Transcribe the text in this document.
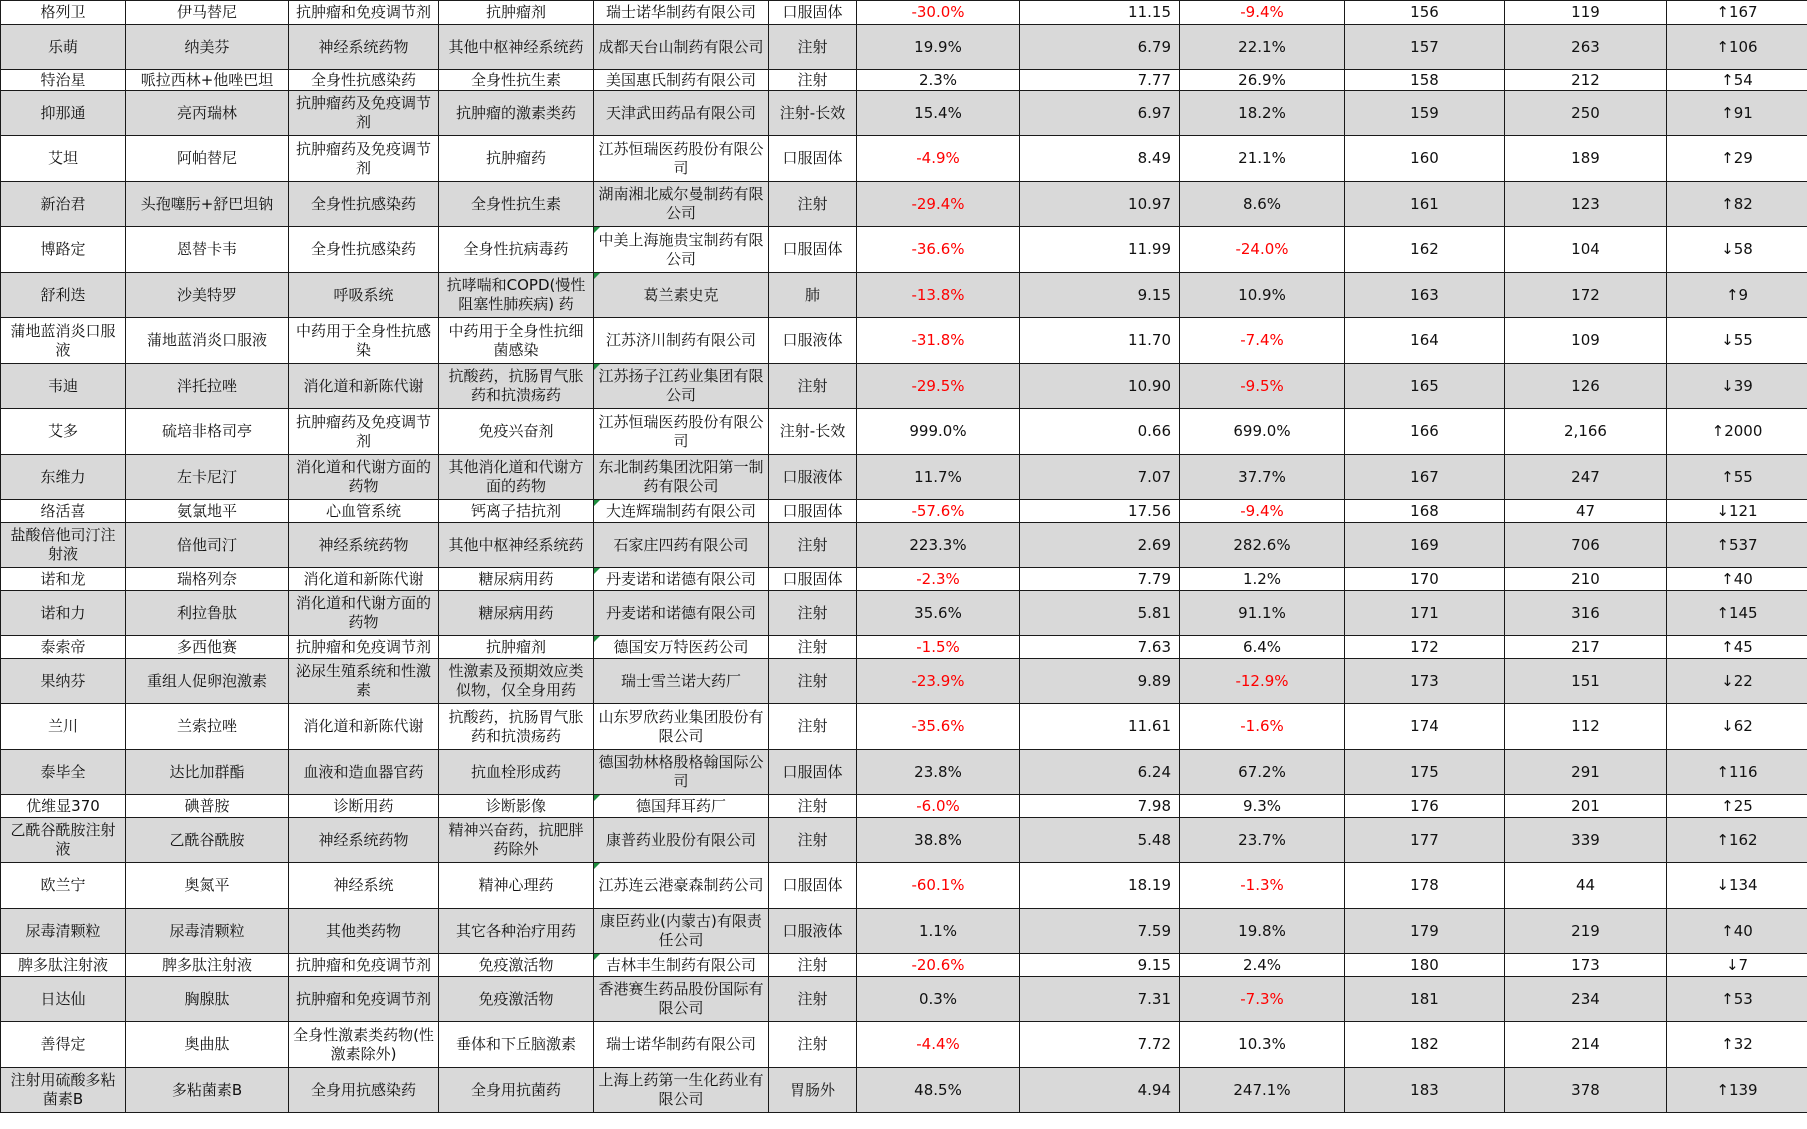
格列卫	伊马替尼	抗肿瘤和免疫调节剂	抗肿瘤剂	瑞士诺华制药有限公司	口服固体	-30.0%	11.15	-9.4%	156	119	↑167
乐萌	纳美芬	神经系统药物	其他中枢神经系统药	成都天台山制药有限公司	注射	19.9%	6.79	22.1%	157	263	↑106
特治星	哌拉西林+他唑巴坦	全身性抗感染药	全身性抗生素	美国惠氏制药有限公司	注射	2.3%	7.77	26.9%	158	212	↑54
抑那通	亮丙瑞林	抗肿瘤药及免疫调节剂	抗肿瘤的激素类药	天津武田药品有限公司	注射-长效	15.4%	6.97	18.2%	159	250	↑91
艾坦	阿帕替尼	抗肿瘤药及免疫调节剂	抗肿瘤药	江苏恒瑞医药股份有限公司	口服固体	-4.9%	8.49	21.1%	160	189	↑29
新治君	头孢噻肟+舒巴坦钠	全身性抗感染药	全身性抗生素	湖南湘北威尔曼制药有限公司	注射	-29.4%	10.97	8.6%	161	123	↑82
博路定	恩替卡韦	全身性抗感染药	全身性抗病毒药	中美上海施贵宝制药有限公司	口服固体	-36.6%	11.99	-24.0%	162	104	↓58
舒利迭	沙美特罗	呼吸系统	抗哮喘和COPD(慢性阻塞性肺疾病) 药	葛兰素史克	肺	-13.8%	9.15	10.9%	163	172	↑9
蒲地蓝消炎口服液	蒲地蓝消炎口服液	中药用于全身性抗感染	中药用于全身性抗细菌感染	江苏济川制药有限公司	口服液体	-31.8%	11.70	-7.4%	164	109	↓55
韦迪	泮托拉唑	消化道和新陈代谢	抗酸药，抗肠胃气胀药和抗溃疡药	江苏扬子江药业集团有限公司	注射	-29.5%	10.90	-9.5%	165	126	↓39
艾多	硫培非格司亭	抗肿瘤药及免疫调节剂	免疫兴奋剂	江苏恒瑞医药股份有限公司	注射-长效	999.0%	0.66	699.0%	166	2,166	↑2000
东维力	左卡尼汀	消化道和代谢方面的药物	其他消化道和代谢方面的药物	东北制药集团沈阳第一制药有限公司	口服液体	11.7%	7.07	37.7%	167	247	↑55
络活喜	氨氯地平	心血管系统	钙离子拮抗剂	大连辉瑞制药有限公司	口服固体	-57.6%	17.56	-9.4%	168	47	↓121
盐酸倍他司汀注射液	倍他司汀	神经系统药物	其他中枢神经系统药	石家庄四药有限公司	注射	223.3%	2.69	282.6%	169	706	↑537
诺和龙	瑞格列奈	消化道和新陈代谢	糖尿病用药	丹麦诺和诺德有限公司	口服固体	-2.3%	7.79	1.2%	170	210	↑40
诺和力	利拉鲁肽	消化道和代谢方面的药物	糖尿病用药	丹麦诺和诺德有限公司	注射	35.6%	5.81	91.1%	171	316	↑145
泰索帝	多西他赛	抗肿瘤和免疫调节剂	抗肿瘤剂	德国安万特医药公司	注射	-1.5%	7.63	6.4%	172	217	↑45
果纳芬	重组人促卵泡激素	泌尿生殖系统和性激素	性激素及预期效应类似物，仅全身用药	瑞士雪兰诺大药厂	注射	-23.9%	9.89	-12.9%	173	151	↓22
兰川	兰索拉唑	消化道和新陈代谢	抗酸药，抗肠胃气胀药和抗溃疡药	山东罗欣药业集团股份有限公司	注射	-35.6%	11.61	-1.6%	174	112	↓62
泰毕全	达比加群酯	血液和造血器官药	抗血栓形成药	德国勃林格殷格翰国际公司	口服固体	23.8%	6.24	67.2%	175	291	↑116
优维显370	碘普胺	诊断用药	诊断影像	德国拜耳药厂	注射	-6.0%	7.98	9.3%	176	201	↑25
乙酰谷酰胺注射液	乙酰谷酰胺	神经系统药物	精神兴奋药，抗肥胖药除外	康普药业股份有限公司	注射	38.8%	5.48	23.7%	177	339	↑162
欧兰宁	奥氮平	神经系统	精神心理药	江苏连云港豪森制药公司	口服固体	-60.1%	18.19	-1.3%	178	44	↓134
尿毒清颗粒	尿毒清颗粒	其他类药物	其它各种治疗用药	康臣药业(内蒙古)有限责任公司	口服液体	1.1%	7.59	19.8%	179	219	↑40
脾多肽注射液	脾多肽注射液	抗肿瘤和免疫调节剂	免疫激活物	吉林丰生制药有限公司	注射	-20.6%	9.15	2.4%	180	173	↓7
日达仙	胸腺肽	抗肿瘤和免疫调节剂	免疫激活物	香港赛生药品股份国际有限公司	注射	0.3%	7.31	-7.3%	181	234	↑53
善得定	奥曲肽	全身性激素类药物(性激素除外)	垂体和下丘脑激素	瑞士诺华制药有限公司	注射	-4.4%	7.72	10.3%	182	214	↑32
注射用硫酸多粘菌素B	多粘菌素B	全身用抗感染药	全身用抗菌药	上海上药第一生化药业有限公司	胃肠外	48.5%	4.94	247.1%	183	378	↑139
